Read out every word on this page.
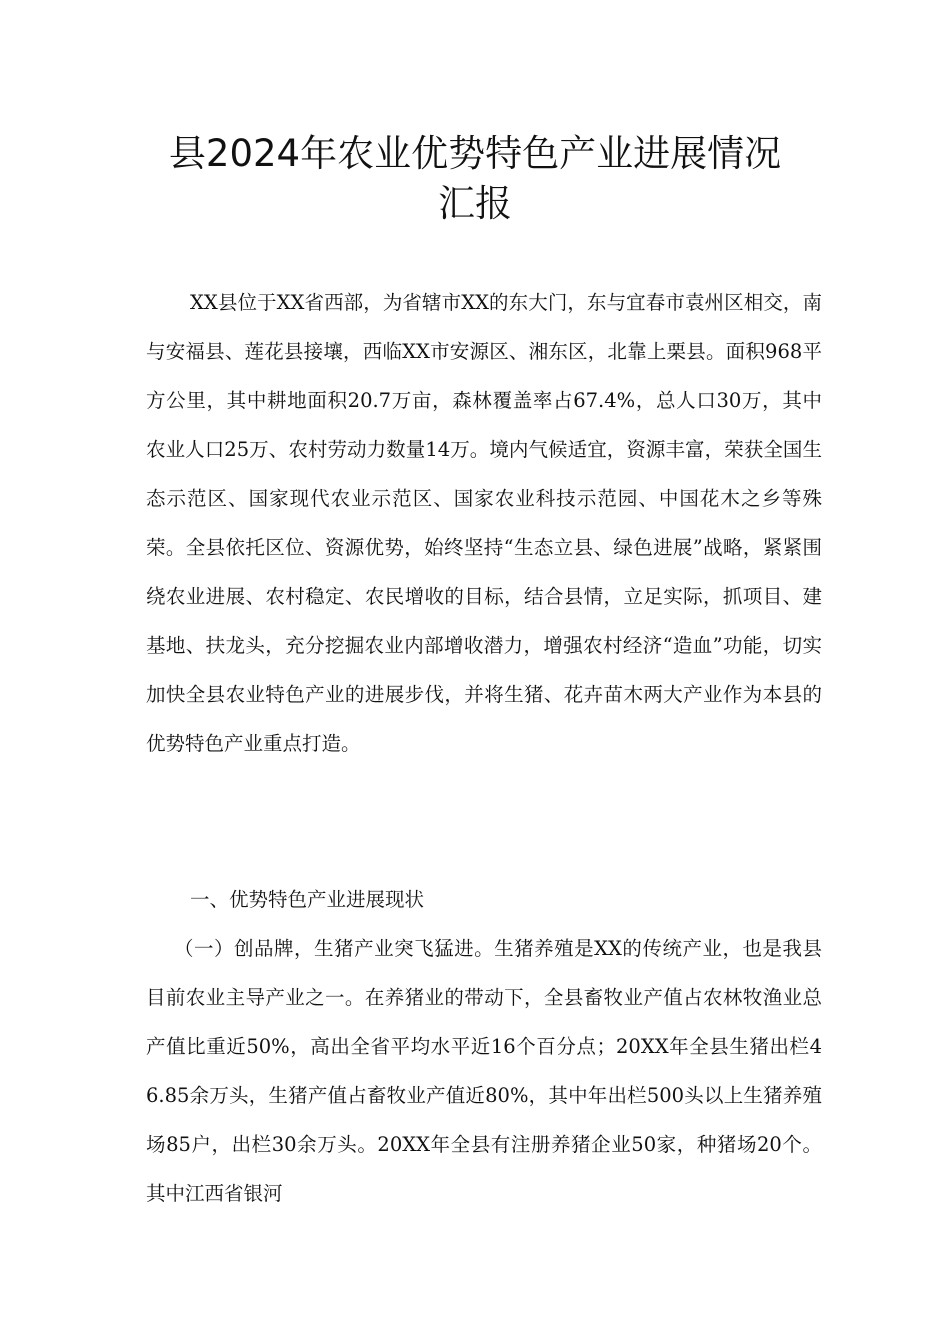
县2024年农业优势特色产业进展情况
汇报

XX县位于XX省西部，为省辖市XX的东大门，东与宜春市袁州区相交，南与安福县、莲花县接壤，西临XX市安源区、湘东区，北靠上栗县。面积968平方公里，其中耕地面积20.7万亩，森林覆盖率占67.4%，总人口30万，其中农业人口25万、农村劳动力数量14万。境内气候适宜，资源丰富，荣获全国生态示范区、国家现代农业示范区、国家农业科技示范园、中国花木之乡等殊荣。全县依托区位、资源优势，始终坚持“生态立县、绿色进展”战略，紧紧围绕农业进展、农村稳定、农民增收的目标，结合县情，立足实际，抓项目、建基地、扶龙头，充分挖掘农业内部增收潜力，增强农村经济“造血”功能，切实加快全县农业特色产业的进展步伐，并将生猪、花卉苗木两大产业作为本县的优势特色产业重点打造。

一、优势特色产业进展现状

（一）创品牌，生猪产业突飞猛进。生猪养殖是XX的传统产业，也是我县目前农业主导产业之一。在养猪业的带动下，全县畜牧业产值占农林牧渔业总产值比重近50%，高出全省平均水平近16个百分点；20XX年全县生猪出栏46.85余万头，生猪产值占畜牧业产值近80%，其中年出栏500头以上生猪养殖场85户，出栏30余万头。20XX年全县有注册养猪企业50家，种猪场20个。其中江西省银河
